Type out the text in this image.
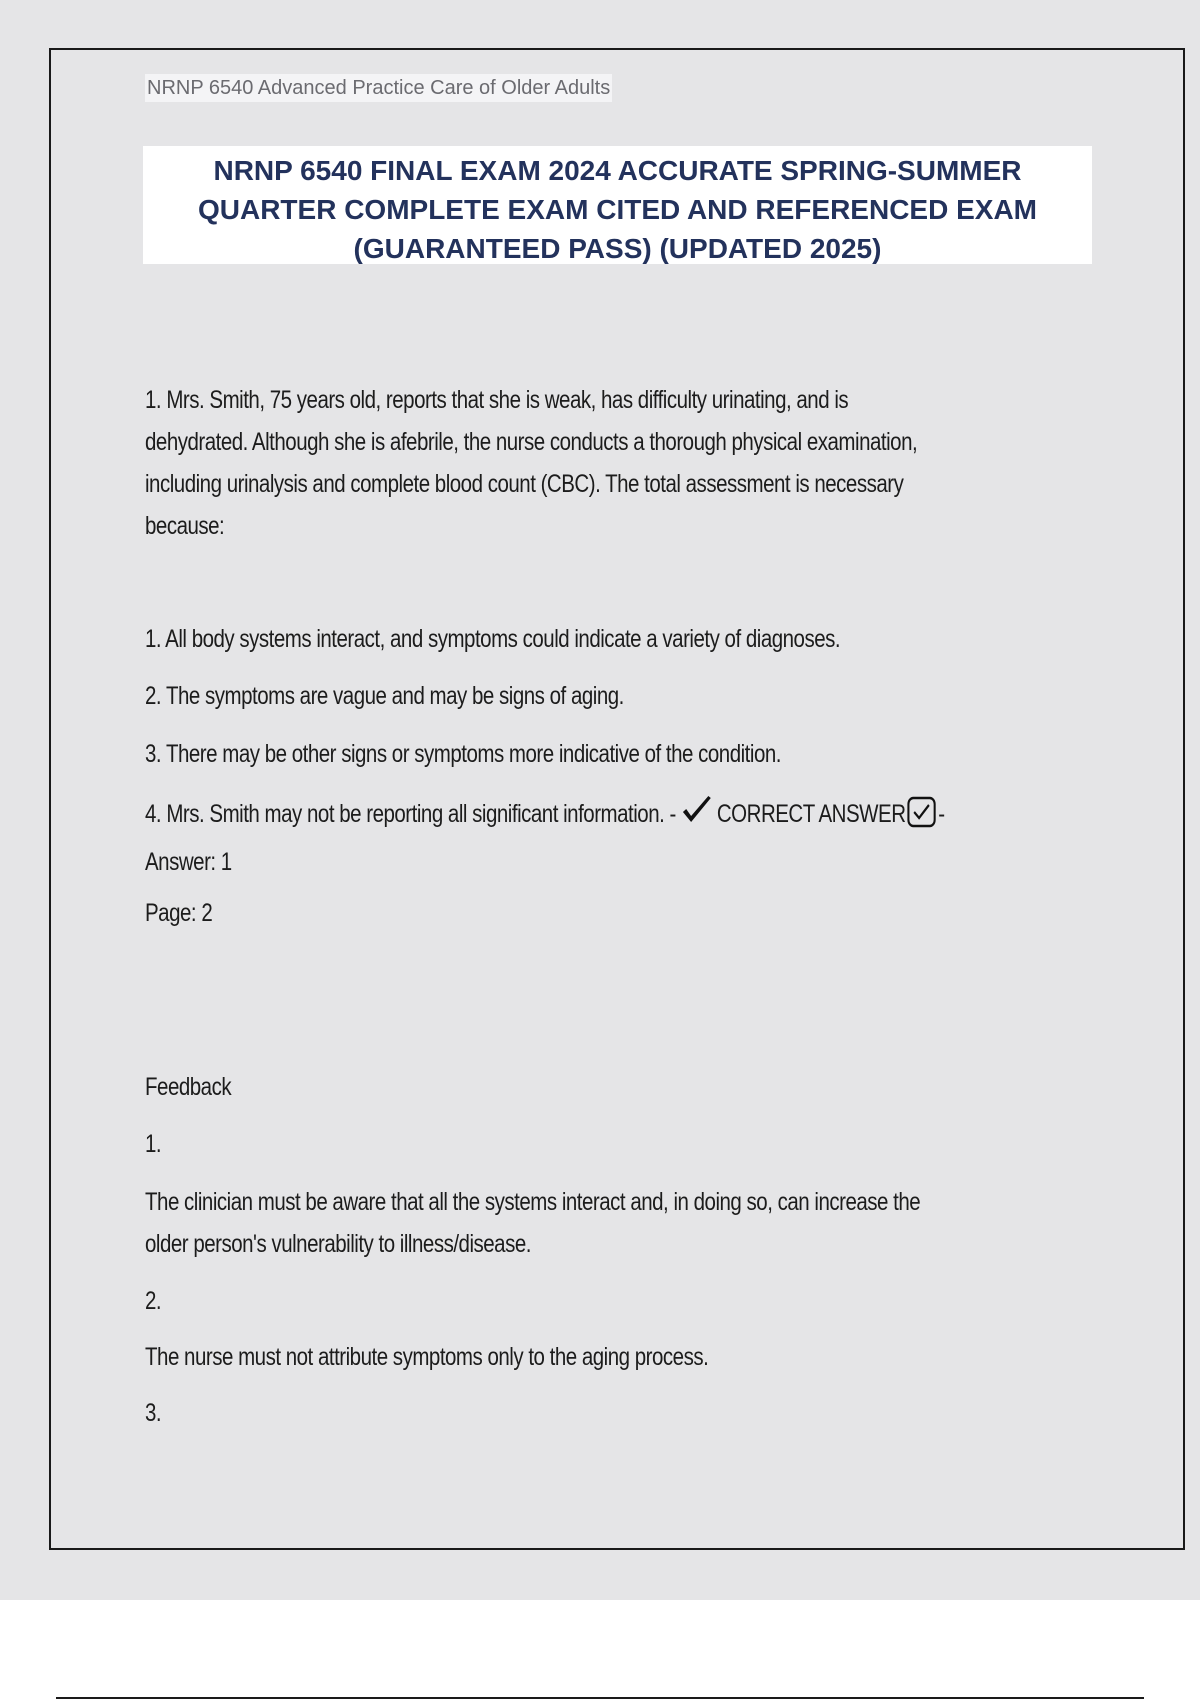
NRNP 6540 Advanced Practice Care of Older Adults
NRNP 6540 FINAL EXAM 2024 ACCURATE SPRING-SUMMER
QUARTER COMPLETE EXAM CITED AND REFERENCED EXAM
(GUARANTEED PASS) (UPDATED 2025)
1. Mrs. Smith, 75 years old, reports that she is weak, has difficulty urinating, and is
dehydrated. Although she is afebrile, the nurse conducts a thorough physical examination,
including urinalysis and complete blood count (CBC). The total assessment is necessary
because:
1. All body systems interact, and symptoms could indicate a variety of diagnoses.
2. The symptoms are vague and may be signs of aging.
3. There may be other signs or symptoms more indicative of the condition.
4. Mrs. Smith may not be reporting all significant information. - CORRECT ANSWER -
Answer: 1
Page: 2
Feedback
1.
The clinician must be aware that all the systems interact and, in doing so, can increase the
older person's vulnerability to illness/disease.
2.
The nurse must not attribute symptoms only to the aging process.
3.
